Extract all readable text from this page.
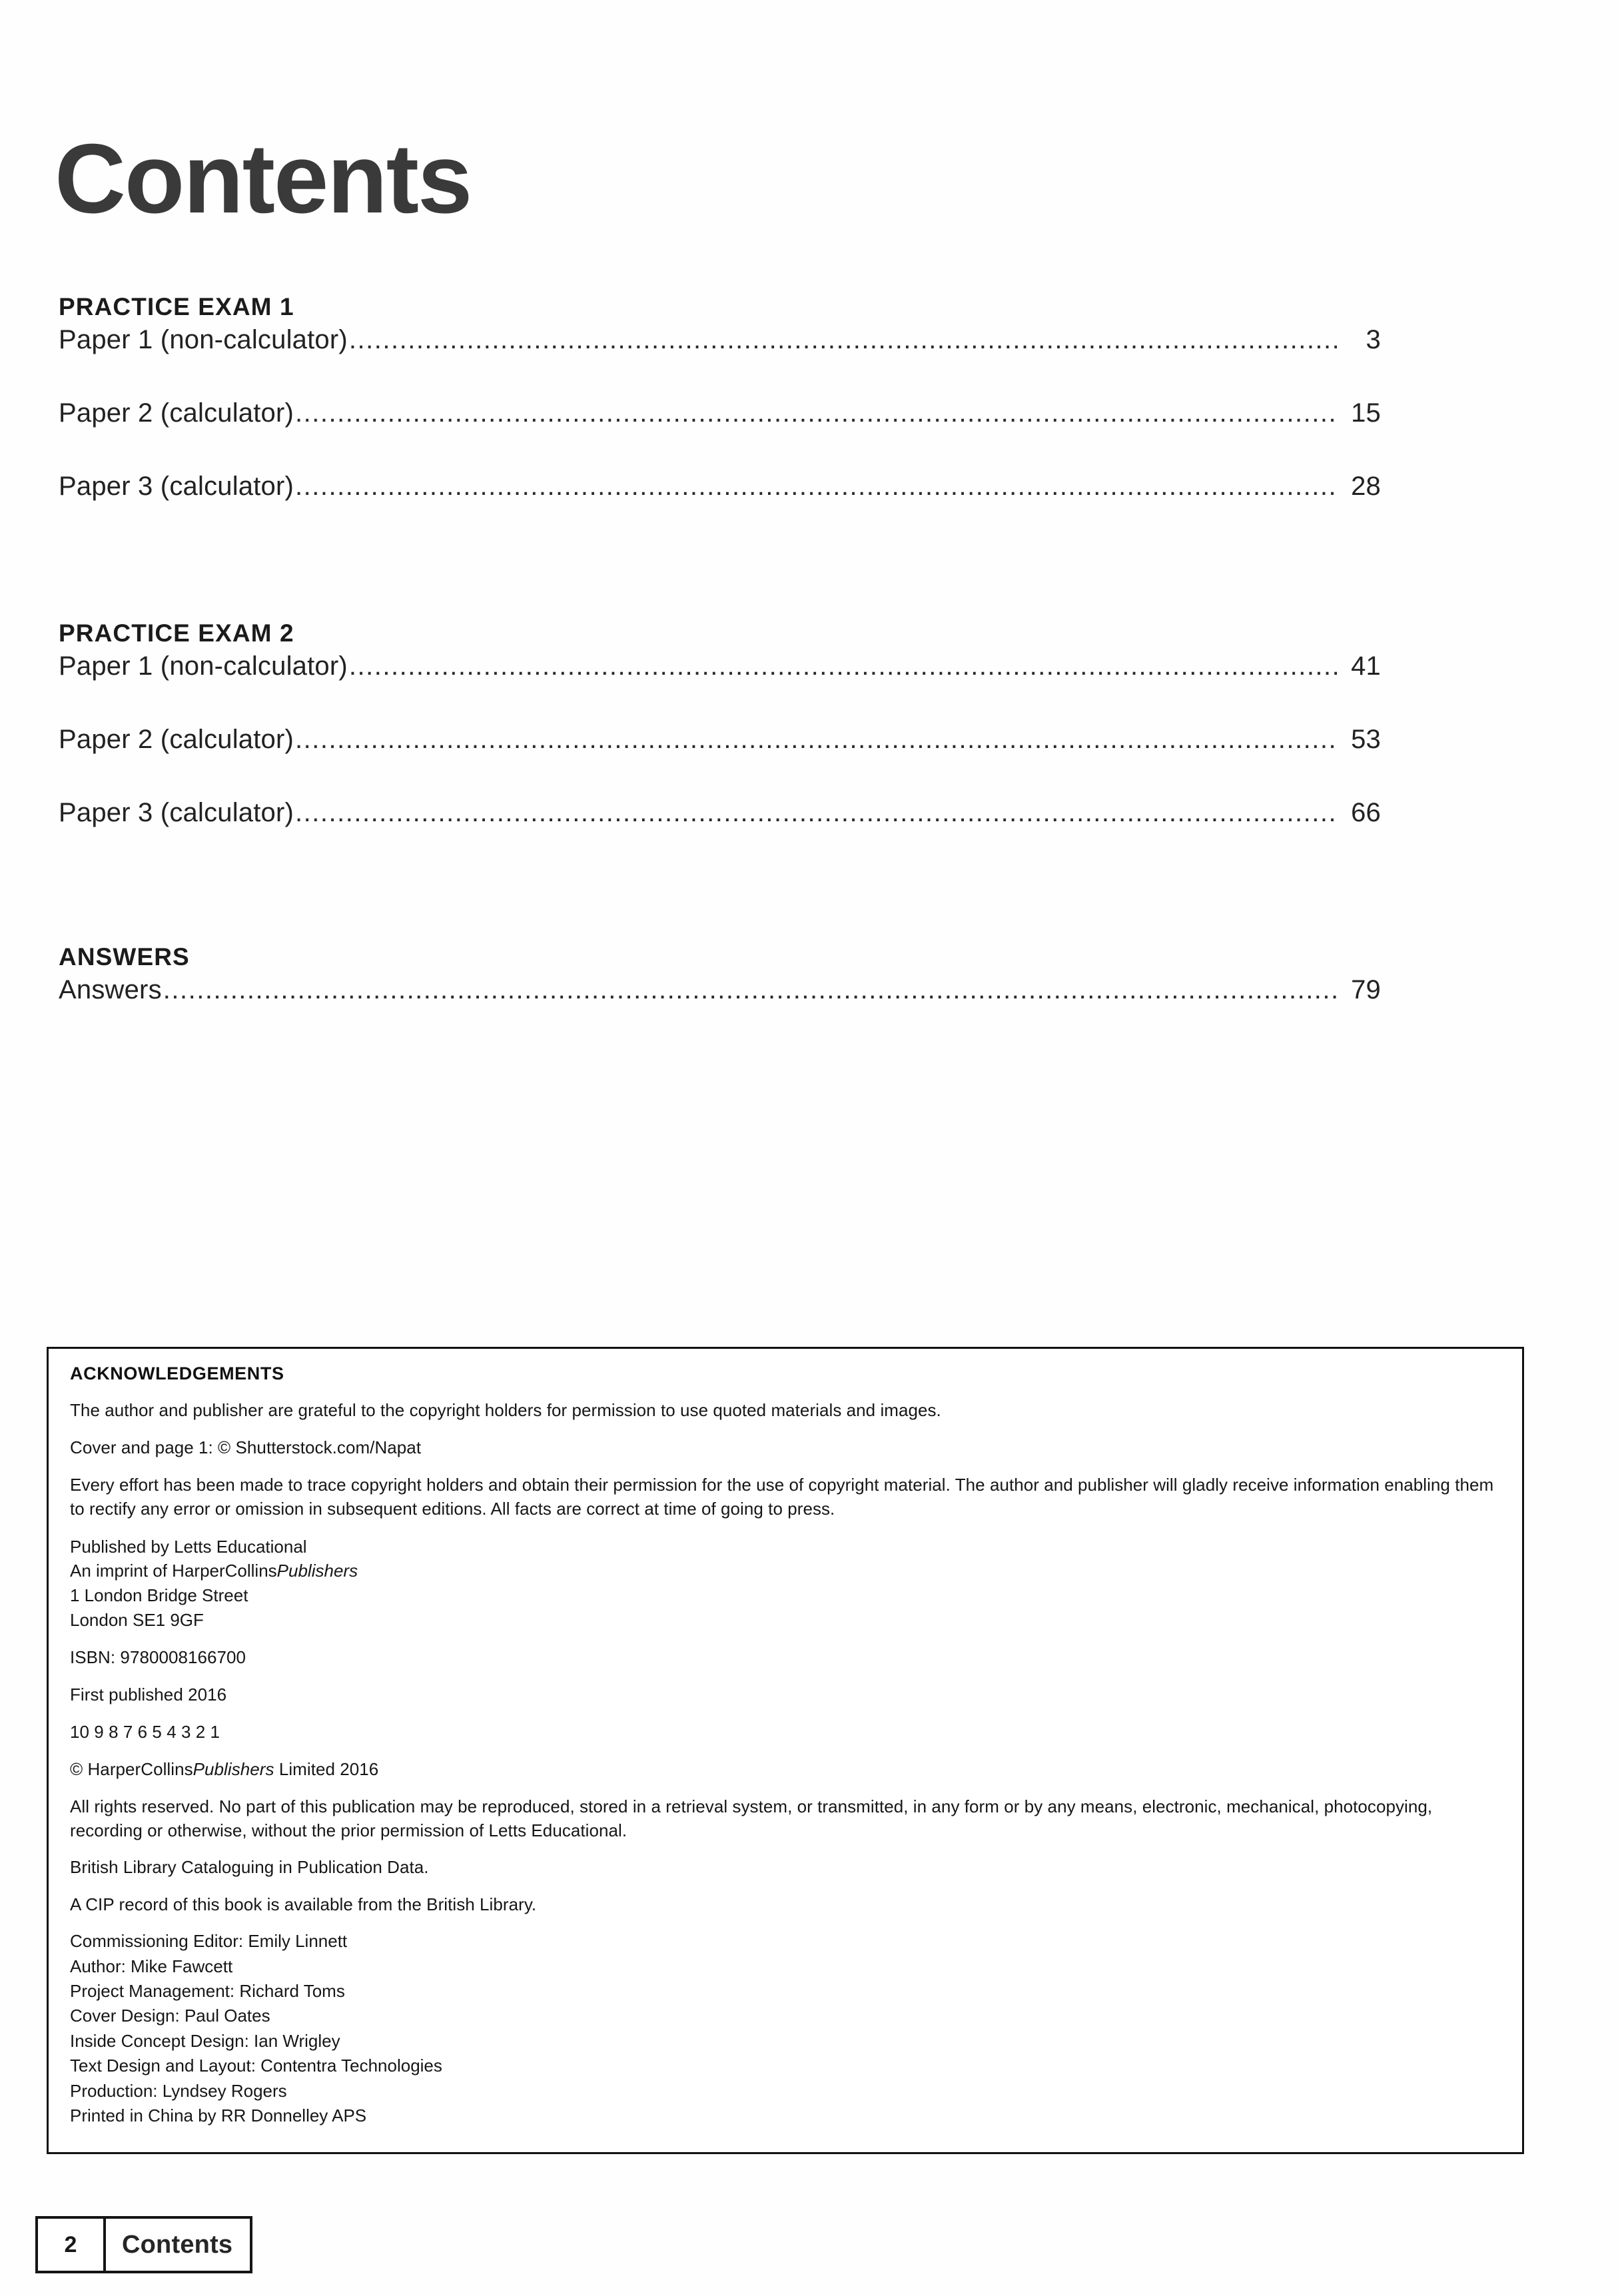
Contents
PRACTICE EXAM 1
Paper 1 (non-calculator) .....	3
Paper 2 (calculator) .....	15
Paper 3 (calculator) .....	28
PRACTICE EXAM 2
Paper 1 (non-calculator) .....	41
Paper 2 (calculator) .....	53
Paper 3 (calculator) .....	66
ANSWERS
Answers .....	79
ACKNOWLEDGEMENTS

The author and publisher are grateful to the copyright holders for permission to use quoted materials and images.

Cover and page 1: © Shutterstock.com/Napat

Every effort has been made to trace copyright holders and obtain their permission for the use of copyright material. The author and publisher will gladly receive information enabling them to rectify any error or omission in subsequent editions. All facts are correct at time of going to press.

Published by Letts Educational
An imprint of HarperCollinsPublishers
1 London Bridge Street
London SE1 9GF

ISBN: 9780008166700

First published 2016

10 9 8 7 6 5 4 3 2 1

© HarperCollinsPublishers Limited 2016

All rights reserved. No part of this publication may be reproduced, stored in a retrieval system, or transmitted, in any form or by any means, electronic, mechanical, photocopying, recording or otherwise, without the prior permission of Letts Educational.

British Library Cataloguing in Publication Data.

A CIP record of this book is available from the British Library.

Commissioning Editor: Emily Linnett
Author: Mike Fawcett
Project Management: Richard Toms
Cover Design: Paul Oates
Inside Concept Design: Ian Wrigley
Text Design and Layout: Contentra Technologies
Production: Lyndsey Rogers
Printed in China by RR Donnelley APS
2	Contents
